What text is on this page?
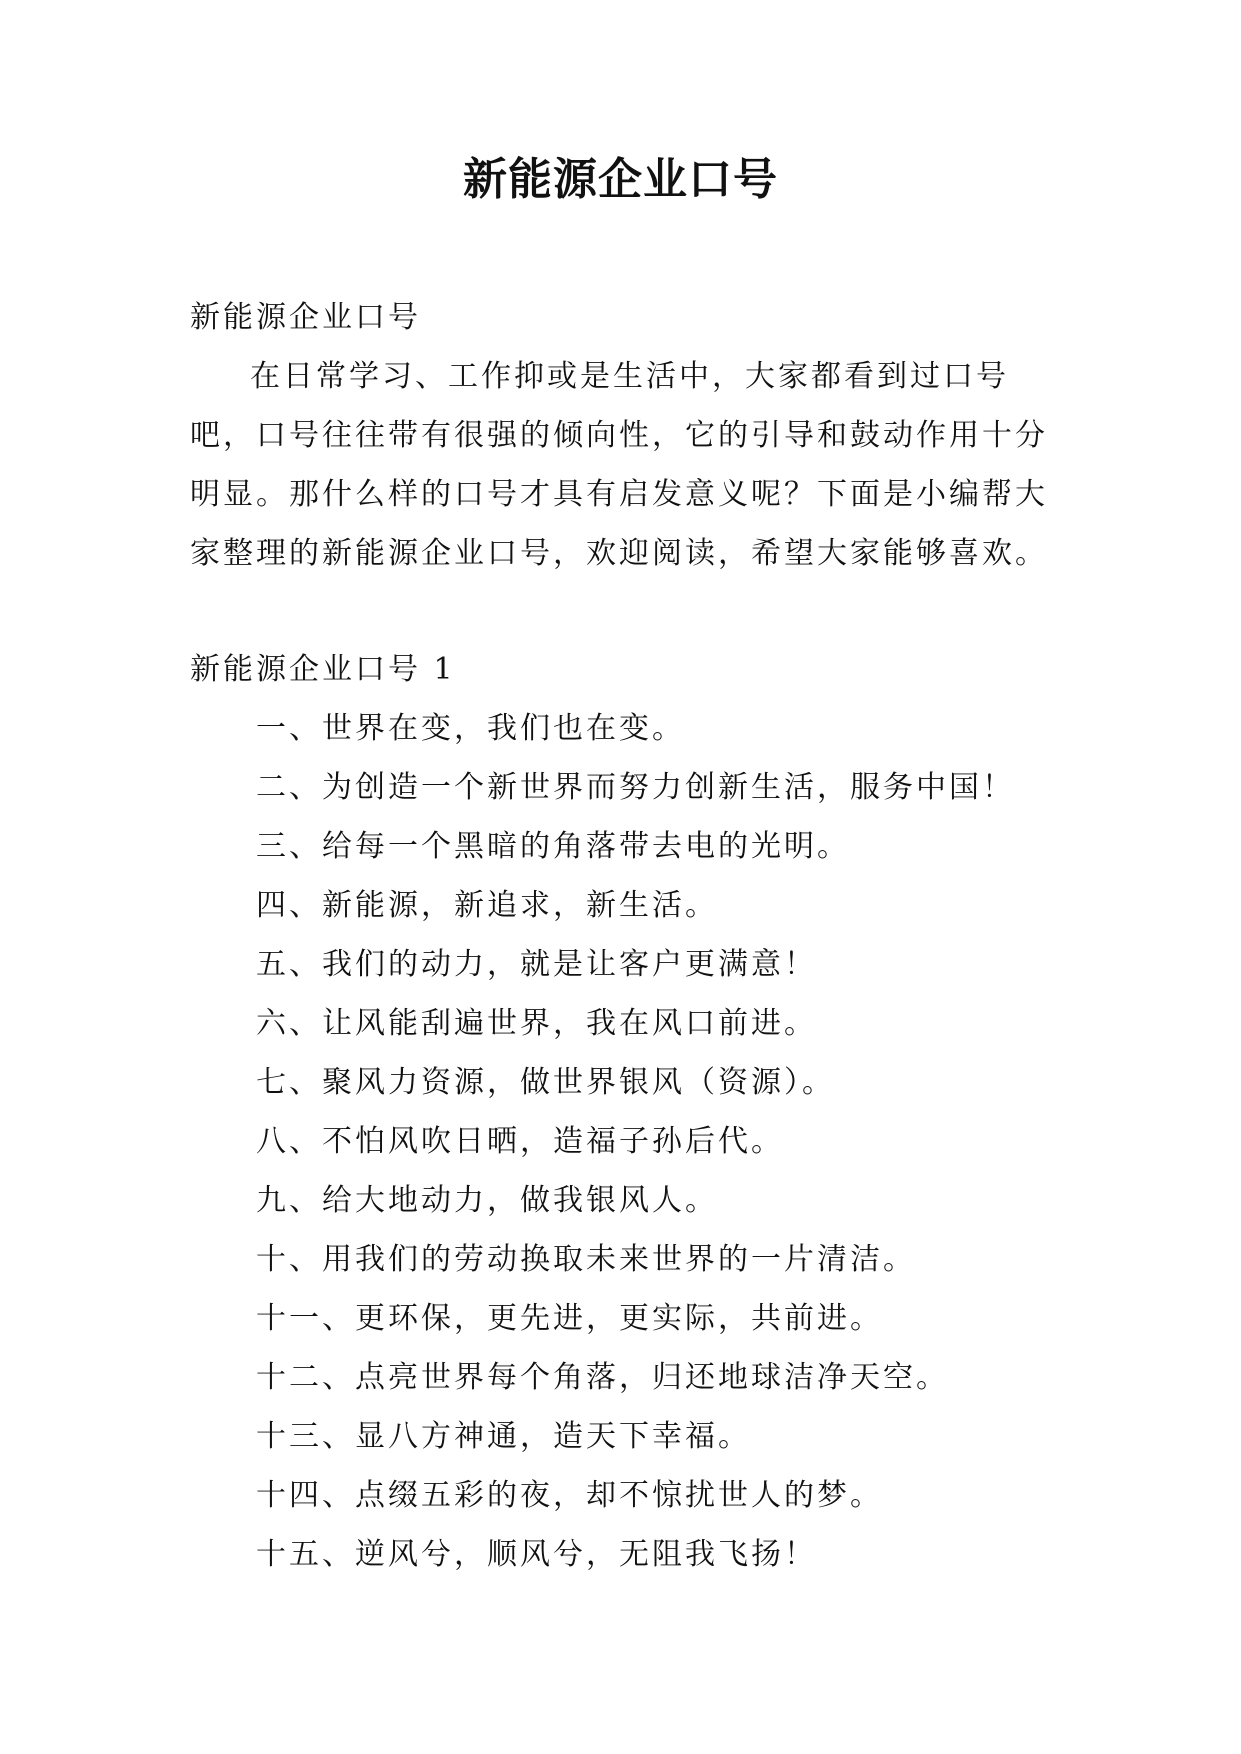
新能源企业口号
新能源企业口号

在日常学习、工作抑或是生活中，大家都看到过口号吧，口号往往带有很强的倾向性，它的引导和鼓动作用十分明显。那什么样的口号才具有启发意义呢？下面是小编帮大家整理的新能源企业口号，欢迎阅读，希望大家能够喜欢。

新能源企业口号 1
一、世界在变，我们也在变。
二、为创造一个新世界而努力创新生活，服务中国！
三、给每一个黑暗的角落带去电的光明。
四、新能源，新追求，新生活。
五、我们的动力，就是让客户更满意！
六、让风能刮遍世界，我在风口前进。
七、聚风力资源，做世界银风（资源）。
八、不怕风吹日晒，造福子孙后代。
九、给大地动力，做我银风人。
十、用我们的劳动换取未来世界的一片清洁。
十一、更环保，更先进，更实际，共前进。
十二、点亮世界每个角落，归还地球洁净天空。
十三、显八方神通，造天下幸福。
十四、点缀五彩的夜，却不惊扰世人的梦。
十五、逆风兮，顺风兮，无阻我飞扬！
